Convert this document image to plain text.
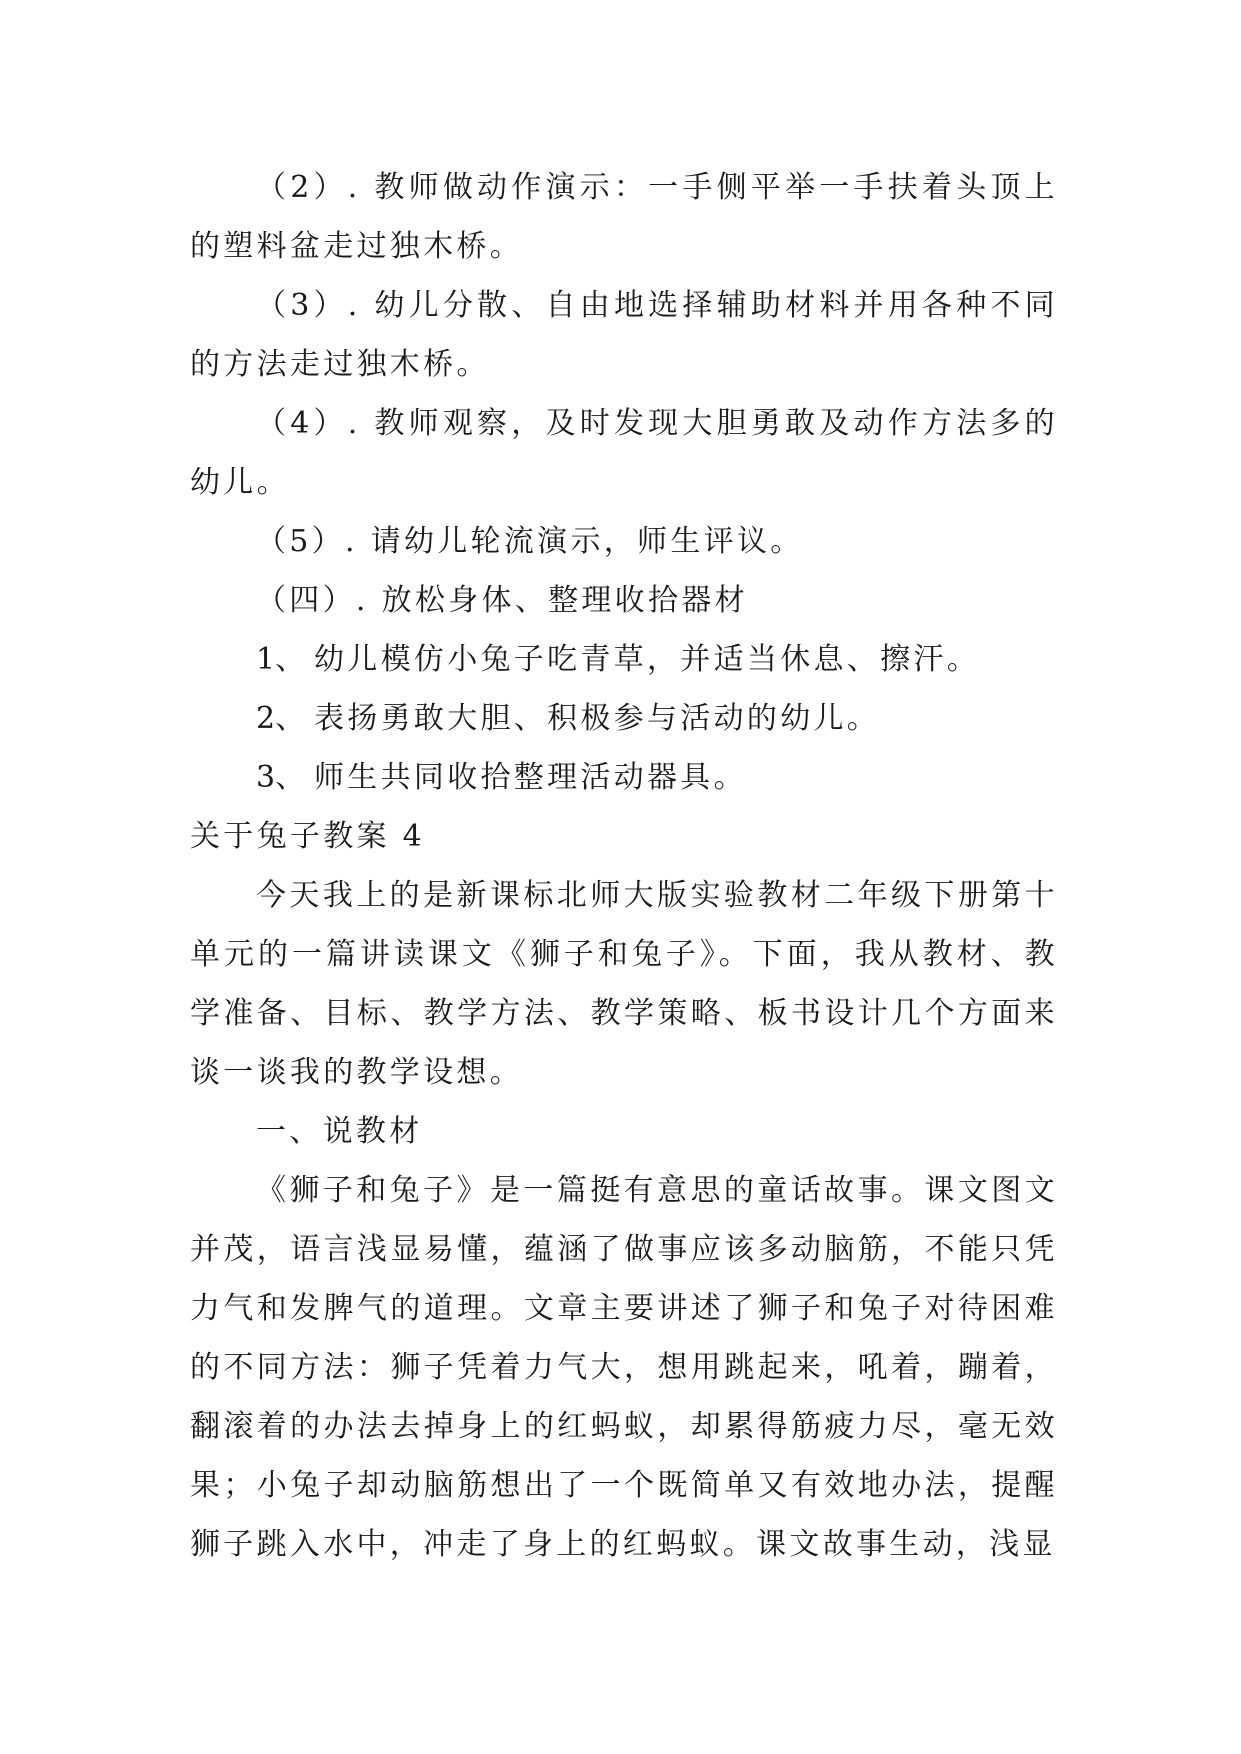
（2）. 教师做动作演示：一手侧平举一手扶着头顶上的塑料盆走过独木桥。

（3）. 幼儿分散、自由地选择辅助材料并用各种不同的方法走过独木桥。

（4）. 教师观察，及时发现大胆勇敢及动作方法多的幼儿。

（5）. 请幼儿轮流演示，师生评议。

（四）. 放松身体、整理收拾器材

1、 幼儿模仿小兔子吃青草，并适当休息、擦汗。

2、 表扬勇敢大胆、积极参与活动的幼儿。

3、 师生共同收拾整理活动器具。

关于兔子教案 4

今天我上的是新课标北师大版实验教材二年级下册第十单元的一篇讲读课文《狮子和兔子》。下面，我从教材、教学准备、目标、教学方法、教学策略、板书设计几个方面来谈一谈我的教学设想。

一、说教材

《狮子和兔子》是一篇挺有意思的童话故事。课文图文并茂，语言浅显易懂，蕴涵了做事应该多动脑筋，不能只凭力气和发脾气的道理。文章主要讲述了狮子和兔子对待困难的不同方法：狮子凭着力气大，想用跳起来，吼着，蹦着，翻滚着的办法去掉身上的红蚂蚁，却累得筋疲力尽，毫无效果；小兔子却动脑筋想出了一个既简单又有效地办法，提醒狮子跳入水中，冲走了身上的红蚂蚁。课文故事生动，浅显
